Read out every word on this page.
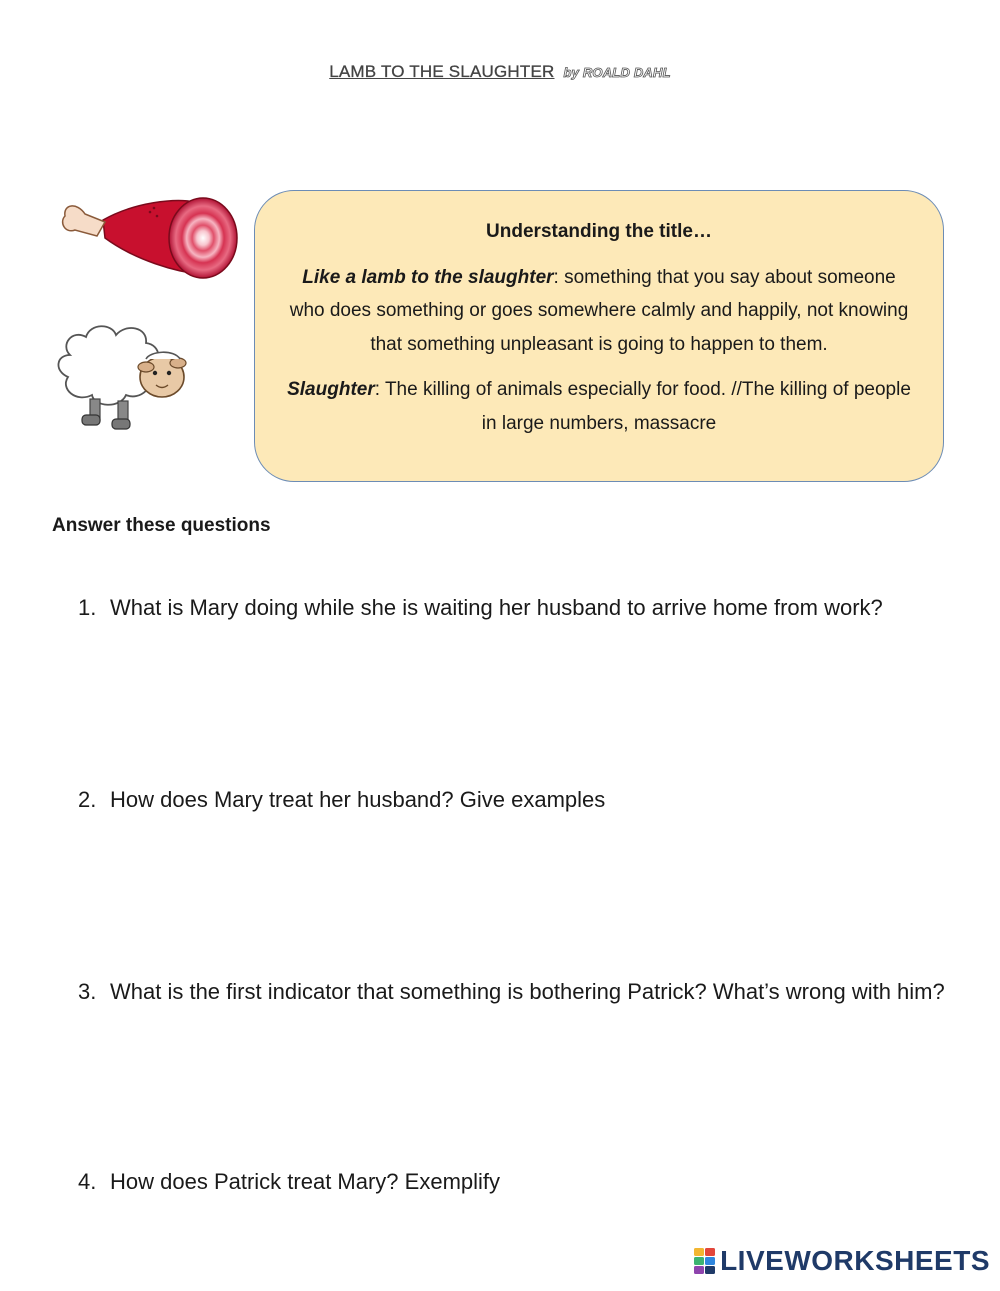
LAMB TO THE SLAUGHTER by ROALD DAHL
Understanding the title…

Like a lamb to the slaughter: something that you say about someone who does something or goes somewhere calmly and happily, not knowing that something unpleasant is going to happen to them.

Slaughter: The killing of animals especially for food. //The killing of people in large numbers, massacre

Answer these questions
1. What is Mary doing while she is waiting her husband to arrive home from work?
2. How does Mary treat her husband? Give examples
3. What is the first indicator that something is bothering Patrick? What’s wrong with him?
4. How does Patrick treat Mary? Exemplify
LIVEWORKSHEETS
